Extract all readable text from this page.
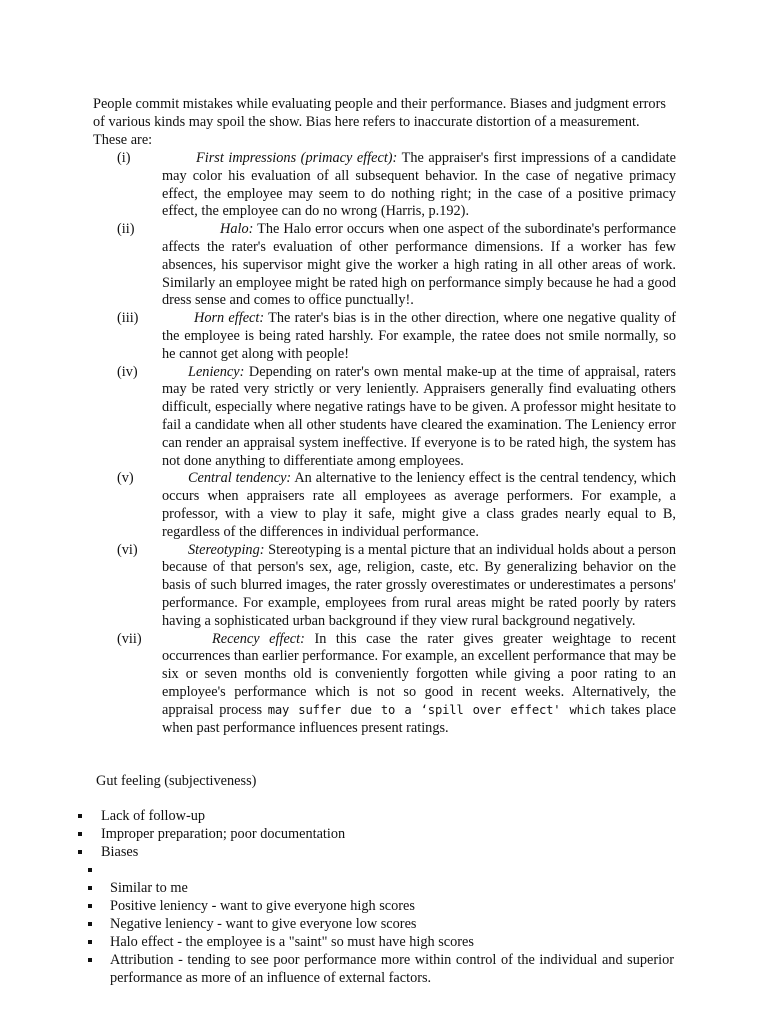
People commit mistakes while evaluating people and their performance. Biases and judgment errors of various kinds may spoil the show. Bias here refers to inaccurate distortion of a measurement. These are:

(i)	First impressions (primacy effect): The appraiser's first impressions of a candidate may color his evaluation of all subsequent behavior. In the case of negative primacy effect, the employee may seem to do nothing right; in the case of a positive primacy effect, the employee can do no wrong (Harris, p.192).
(ii)	Halo: The Halo error occurs when one aspect of the subordinate's performance affects the rater's evaluation of other performance dimensions. If a worker has few absences, his supervisor might give the worker a high rating in all other areas of work. Similarly an employee might be rated high on performance simply because he had a good dress sense and comes to office punctually!.
(iii)	Horn effect: The rater's bias is in the other direction, where one negative quality of the employee is being rated harshly. For example, the ratee does not smile normally, so he cannot get along with people!
(iv)	Leniency: Depending on rater's own mental make-up at the time of appraisal, raters may be rated very strictly or very leniently. Appraisers generally find evaluating others difficult, especially where negative ratings have to be given. A professor might hesitate to fail a candidate when all other students have cleared the examination. The Leniency error can render an appraisal system ineffective. If everyone is to be rated high, the system has not done anything to differentiate among employees.
(v)	Central tendency: An alternative to the leniency effect is the central tendency, which occurs when appraisers rate all employees as average performers. For example, a professor, with a view to play it safe, might give a class grades nearly equal to B, regardless of the differences in individual performance.
(vi)	Stereotyping: Stereotyping is a mental picture that an individual holds about a person because of that person's sex, age, religion, caste, etc. By generalizing behavior on the basis of such blurred images, the rater grossly overestimates or underestimates a persons' performance. For example, employees from rural areas might be rated poorly by raters having a sophisticated urban background if they view rural background negatively.
(vii)	Recency effect: In this case the rater gives greater weightage to recent occurrences than earlier performance. For example, an excellent performance that may be six or seven months old is conveniently forgotten while giving a poor rating to an employee's performance which is not so good in recent weeks. Alternatively, the appraisal process may suffer due to a ‘spill over effect' which takes place when past performance influences present ratings.

Gut feeling (subjectiveness)

Lack of follow-up
Improper preparation; poor documentation
Biases
Similar to me
Positive leniency - want to give everyone high scores
Negative leniency - want to give everyone low scores
Halo effect - the employee is a "saint" so must have high scores
Attribution - tending to see poor performance more within control of the individual and superior performance as more of an influence of external factors.
